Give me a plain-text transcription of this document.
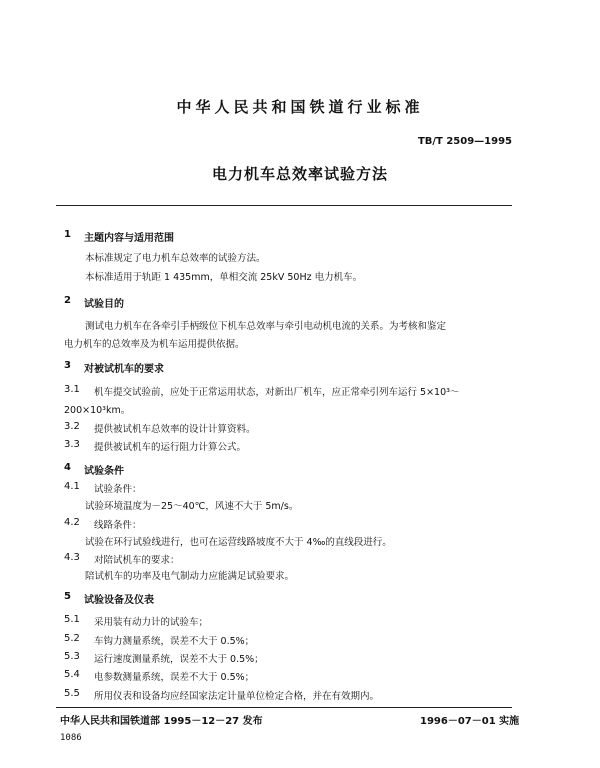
中华人民共和国铁道行业标准
TB/T 2509—1995
电力机车总效率试验方法
1 主题内容与适用范围
本标准规定了电力机车总效率的试验方法。
本标准适用于轨距 1 435mm，单相交流 25kV 50Hz 电力机车。
2 试验目的
测试电力机车在各牵引手柄级位下机车总效率与牵引电动机电流的关系。为考核和鉴定
电力机车的总效率及为机车运用提供依据。
3 对被试机车的要求
3.1 机车提交试验前，应处于正常运用状态，对新出厂机车，应正常牵引列车运行 5×10³～
200×10³km。
3.2 提供被试机车总效率的设计计算资料。
3.3 提供被试机车的运行阻力计算公式。
4 试验条件
4.1 试验条件：
试验环境温度为－25～40℃，风速不大于 5m/s。
4.2 线路条件：
试验在环行试验线进行，也可在运营线路坡度不大于 4‰的直线段进行。
4.3 对陪试机车的要求：
陪试机车的功率及电气制动力应能满足试验要求。
5 试验设备及仪表
5.1 采用装有动力计的试验车；
5.2 车钩力测量系统，误差不大于 0.5%；
5.3 运行速度测量系统，误差不大于 0.5%；
5.4 电参数测量系统，误差不大于 0.5%；
5.5 所用仪表和设备均应经国家法定计量单位检定合格，并在有效期内。
中华人民共和国铁道部 1995－12－27 发布	1996－07－01 实施
1086
